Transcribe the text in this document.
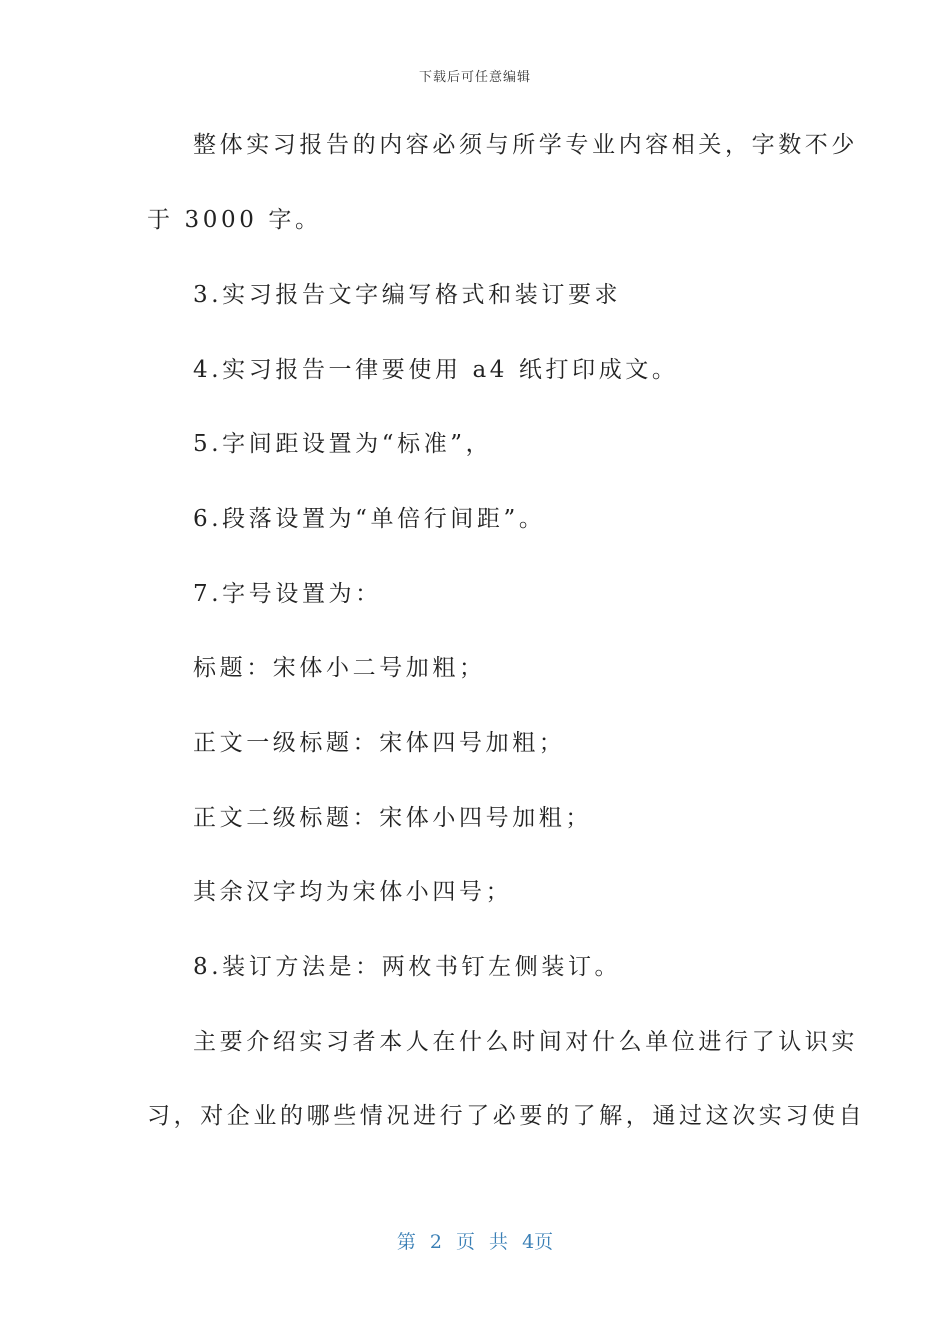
下载后可任意编辑
整体实习报告的内容必须与所学专业内容相关，字数不少
于 3000 字。
3.实习报告文字编写格式和装订要求
4.实习报告一律要使用 a4 纸打印成文。
5.字间距设置为“标准”，
6.段落设置为“单倍行间距”。
7.字号设置为：
标题：宋体小二号加粗；
正文一级标题：宋体四号加粗；
正文二级标题：宋体小四号加粗；
其余汉字均为宋体小四号；
8.装订方法是：两枚书钉左侧装订。
主要介绍实习者本人在什么时间对什么单位进行了认识实
习，对企业的哪些情况进行了必要的了解，通过这次实习使自
第 2 页 共 4页
